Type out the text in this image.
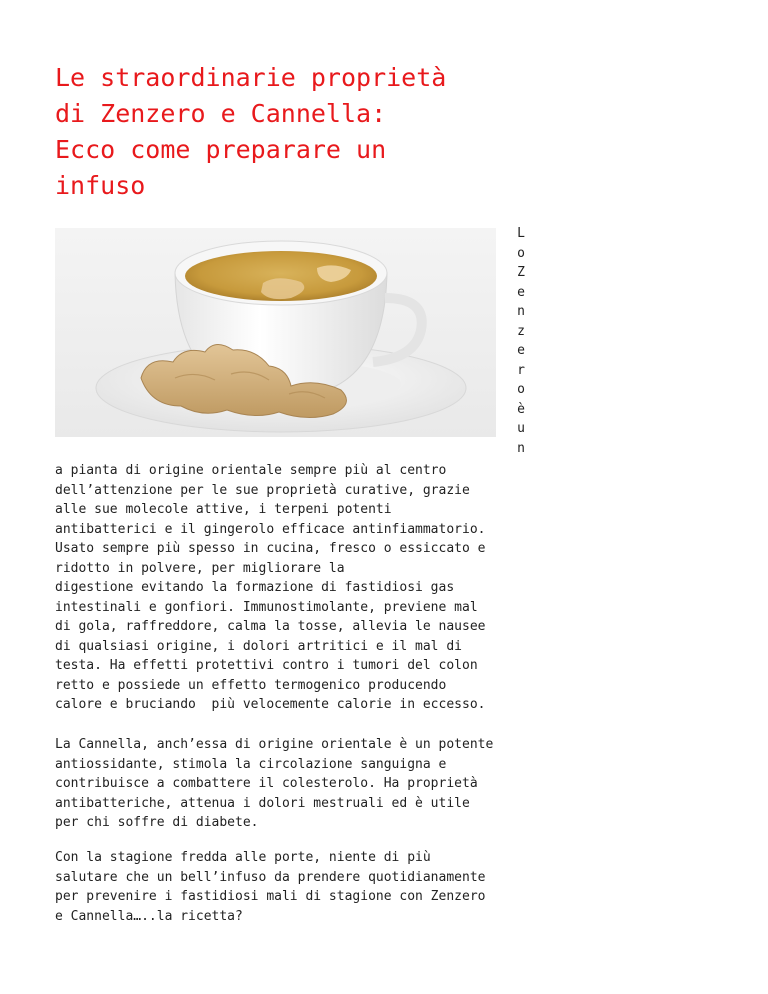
Le straordinarie proprietà
di Zenzero e Cannella:
Ecco come preparare un
infuso
L
o
Z
e
n
z
e
r
o
è
u
n

a pianta di origine orientale sempre più al centro
dell’attenzione per le sue proprietà curative, grazie
alle sue molecole attive, i terpeni potenti
antibatterici e il gingerolo efficace antinfiammatorio.
Usato sempre più spesso in cucina, fresco o essiccato e
ridotto in polvere, per migliorare la
digestione evitando la formazione di fastidiosi gas
intestinali e gonfiori. Immunostimolante, previene mal
di gola, raffreddore, calma la tosse, allevia le nausee
di qualsiasi origine, i dolori artritici e il mal di
testa. Ha effetti protettivi contro i tumori del colon
retto e possiede un effetto termogenico producendo
calore e bruciando  più velocemente calorie in eccesso.

La Cannella, anch’essa di origine orientale è un potente
antiossidante, stimola la circolazione sanguigna e
contribuisce a combattere il colesterolo. Ha proprietà
antibatteriche, attenua i dolori mestruali ed è utile
per chi soffre di diabete.

Con la stagione fredda alle porte, niente di più
salutare che un bell’infuso da prendere quotidianamente
per prevenire i fastidiosi mali di stagione con Zenzero
e Cannella…..la ricetta?
